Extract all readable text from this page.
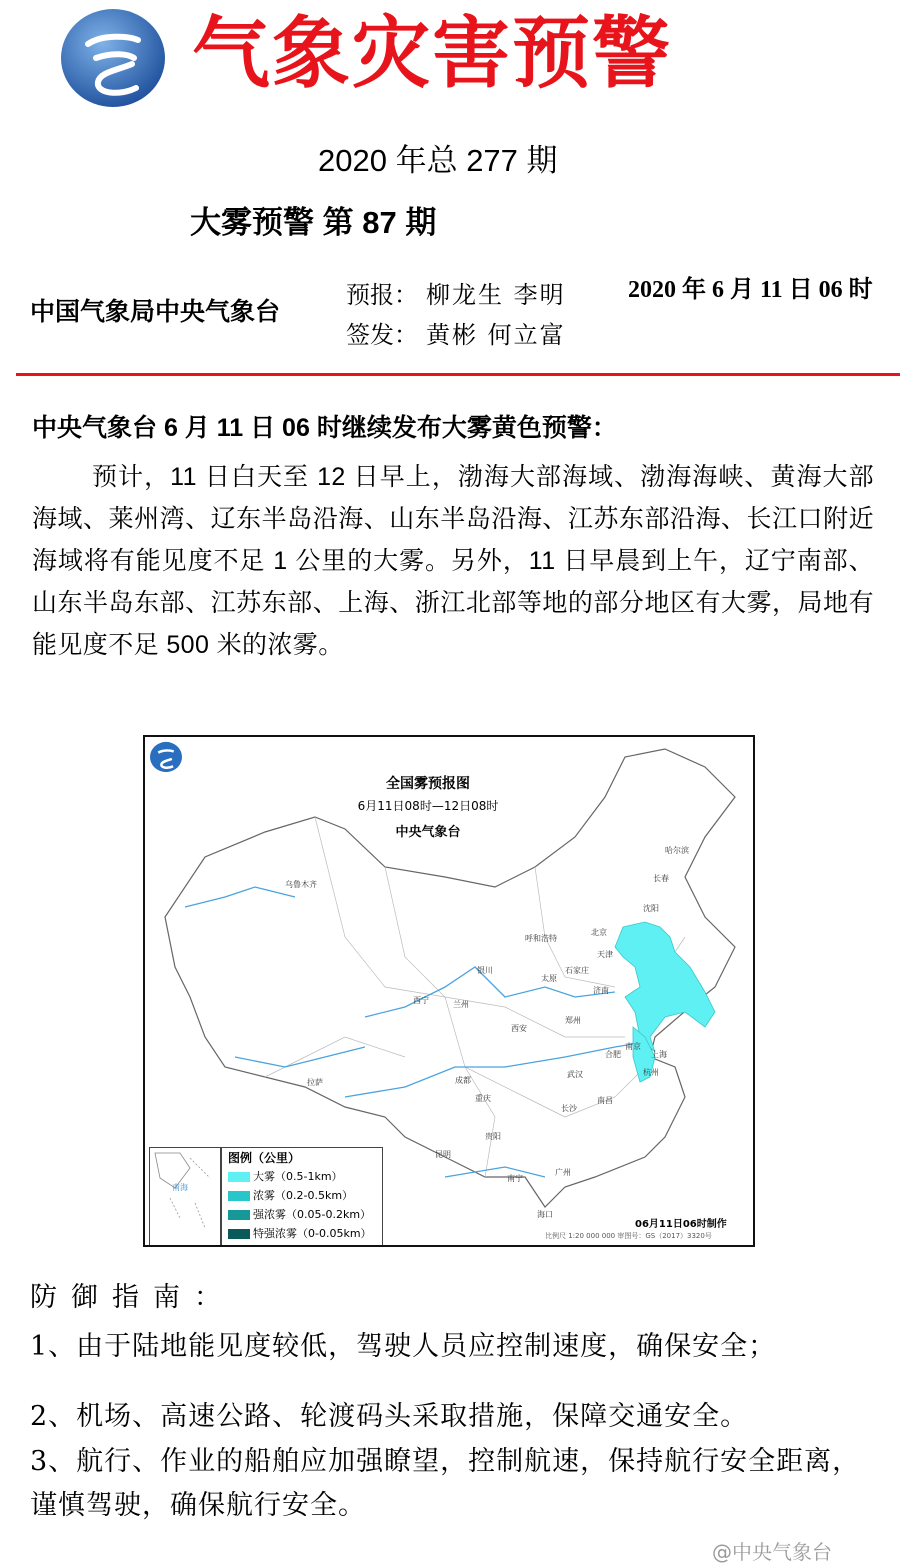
气象灾害预警
2020 年总 277 期
大雾预警 第 87 期
中国气象局中央气象台
预报： 柳龙生 李明
签发： 黄彬 何立富
2020 年 6 月 11 日 06 时
中央气象台 6 月 11 日 06 时继续发布大雾黄色预警：
预计，11 日白天至 12 日早上，渤海大部海域、渤海海峡、黄海大部海域、莱州湾、辽东半岛沿海、山东半岛沿海、江苏东部沿海、长江口附近海域将有能见度不足 1 公里的大雾。另外，11 日早晨到上午，辽宁南部、山东半岛东部、江苏东部、上海、浙江北部等地的部分地区有大雾，局地有能见度不足 500 米的浓雾。
全国雾预报图
6月11日08时—12日08时
中央气象台
乌鲁木齐
哈尔滨
长春
沈阳
呼和浩特
北京
天津
石家庄
太原
银川
西宁	兰州
济南
郑州
西安
南京
合肥	上海
杭州
拉萨	成都
重庆
武汉
长沙
南昌
贵阳
昆明
南宁
广州
海口
南海
图例（公里）
大雾（0.5-1km）
浓雾（0.2-0.5km）
强浓雾（0.05-0.2km）
特强浓雾（0-0.05km）
06月11日06时制作
比例尺 1:20 000 000 审图号：GS（2017）3320号
防御指南：
1、由于陆地能见度较低，驾驶人员应控制速度，确保安全；
2、机场、高速公路、轮渡码头采取措施，保障交通安全。
3、航行、作业的船舶应加强瞭望，控制航速，保持航行安全距离，谨慎驾驶，确保航行安全。
@中央气象台
